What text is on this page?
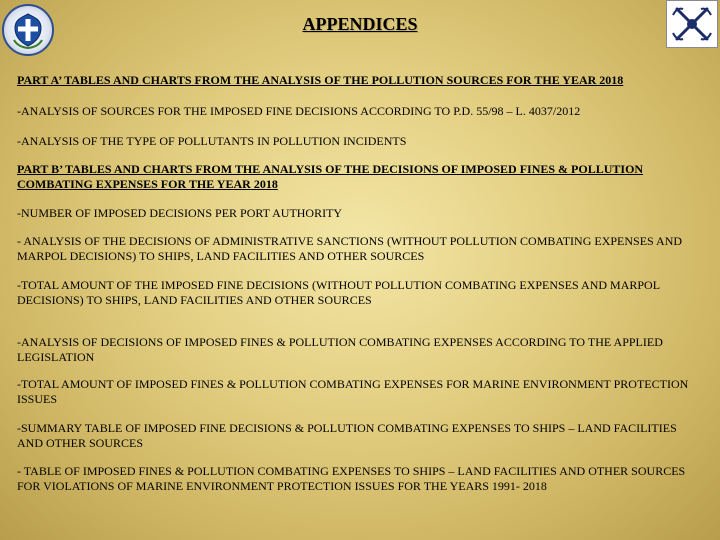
APPENDICES

PART A’ TABLES AND CHARTS FROM THE ANALYSIS OF THE POLLUTION SOURCES FOR THE YEAR 2018

-ANALYSIS OF SOURCES FOR THE IMPOSED FINE DECISIONS ACCORDING TO P.D. 55/98 – L. 4037/2012

-ANALYSIS OF THE TYPE OF POLLUTANTS IN POLLUTION INCIDENTS

PART B’ TABLES AND CHARTS FROM THE ANALYSIS OF THE DECISIONS OF IMPOSED FINES & POLLUTION COMBATING EXPENSES FOR THE YEAR 2018

-NUMBER OF IMPOSED DECISIONS PER PORT AUTHORITY

- ANALYSIS OF THE DECISIONS OF ADMINISTRATIVE SANCTIONS (WITHOUT POLLUTION COMBATING EXPENSES AND MARPOL DECISIONS) TO SHIPS, LAND FACILITIES AND OTHER SOURCES

-TOTAL AMOUNT OF THE IMPOSED FINE DECISIONS (WITHOUT POLLUTION COMBATING EXPENSES AND MARPOL DECISIONS) TO SHIPS, LAND FACILITIES AND OTHER SOURCES

-ANALYSIS OF DECISIONS OF IMPOSED FINES & POLLUTION COMBATING EXPENSES ACCORDING TO THE APPLIED LEGISLATION

-TOTAL AMOUNT OF IMPOSED FINES & POLLUTION COMBATING EXPENSES FOR MARINE ENVIRONMENT PROTECTION ISSUES

-SUMMARY TABLE OF IMPOSED FINE DECISIONS & POLLUTION COMBATING EXPENSES TO SHIPS – LAND FACILITIES AND OTHER SOURCES

- TABLE OF IMPOSED FINES & POLLUTION COMBATING EXPENSES TO SHIPS – LAND FACILITIES AND OTHER SOURCES FOR VIOLATIONS OF MARINE ENVIRONMENT PROTECTION ISSUES FOR THE YEARS 1991- 2018
